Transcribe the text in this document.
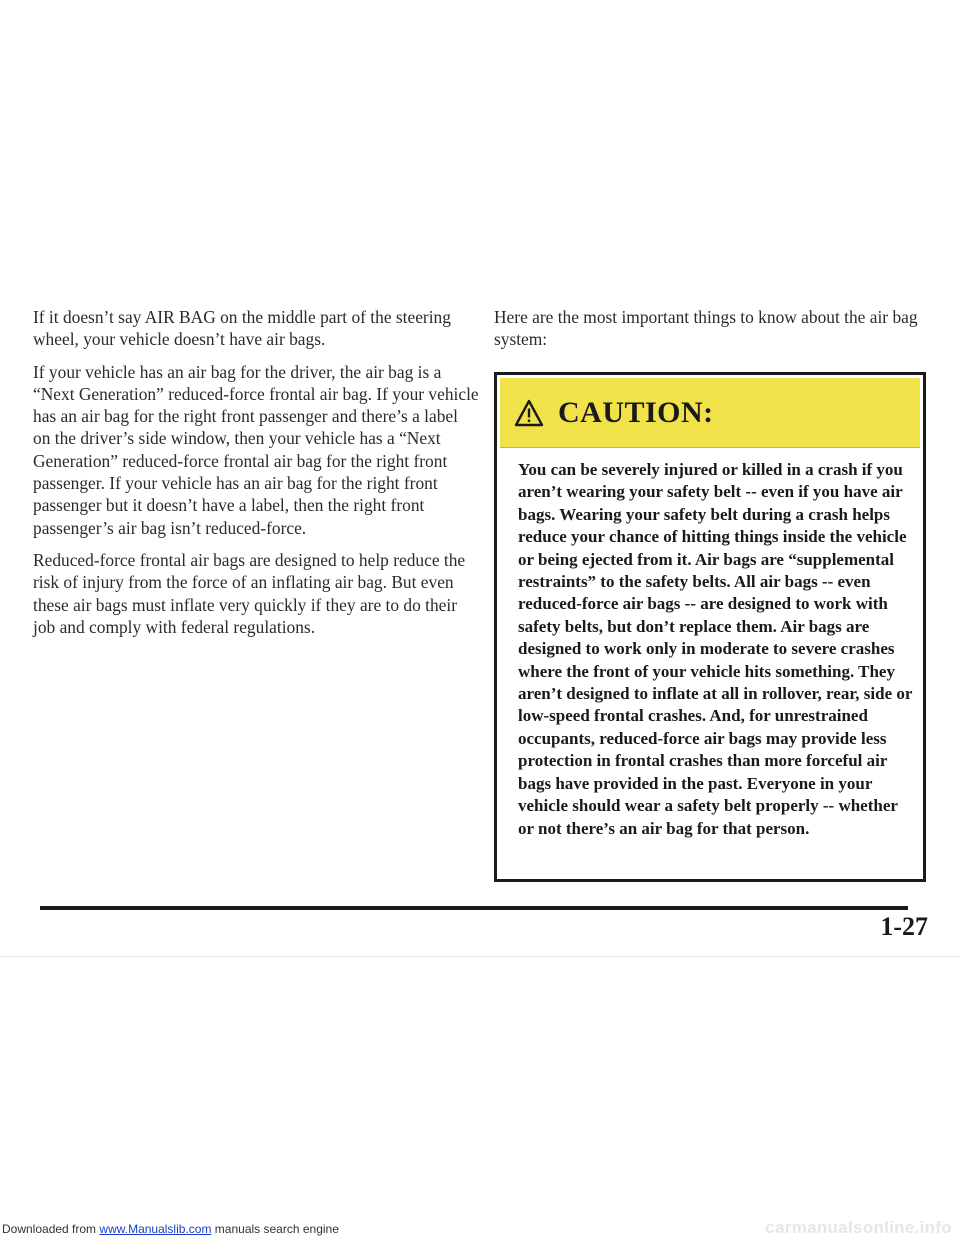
If it doesn’t say AIR BAG on the middle part of the steering wheel, your vehicle doesn’t have air bags.

If your vehicle has an air bag for the driver, the air bag is a “Next Generation” reduced-force frontal air bag. If your vehicle has an air bag for the right front passenger and there’s a label on the driver’s side window, then your vehicle has a “Next Generation” reduced-force frontal air bag for the right front passenger. If your vehicle has an air bag for the right front passenger but it doesn’t have a label, then the right front passenger’s air bag isn’t reduced-force.

Reduced-force frontal air bags are designed to help reduce the risk of injury from the force of an inflating air bag. But even these air bags must inflate very quickly if they are to do their job and comply with federal regulations.

Here are the most important things to know about the air bag system:

CAUTION:
You can be severely injured or killed in a crash if you aren’t wearing your safety belt -- even if you have air bags. Wearing your safety belt during a crash helps reduce your chance of hitting things inside the vehicle or being ejected from it. Air bags are “supplemental restraints” to the safety belts. All air bags -- even reduced-force air bags -- are designed to work with safety belts, but don’t replace them. Air bags are designed to work only in moderate to severe crashes where the front of your vehicle hits something. They aren’t designed to inflate at all in rollover, rear, side or low-speed frontal crashes. And, for unrestrained occupants, reduced-force air bags may provide less protection in frontal crashes than more forceful air bags have provided in the past. Everyone in your vehicle should wear a safety belt properly -- whether or not there’s an air bag for that person.
1-27
Downloaded from www.Manualslib.com manuals search engine	carmanualsonline.info
